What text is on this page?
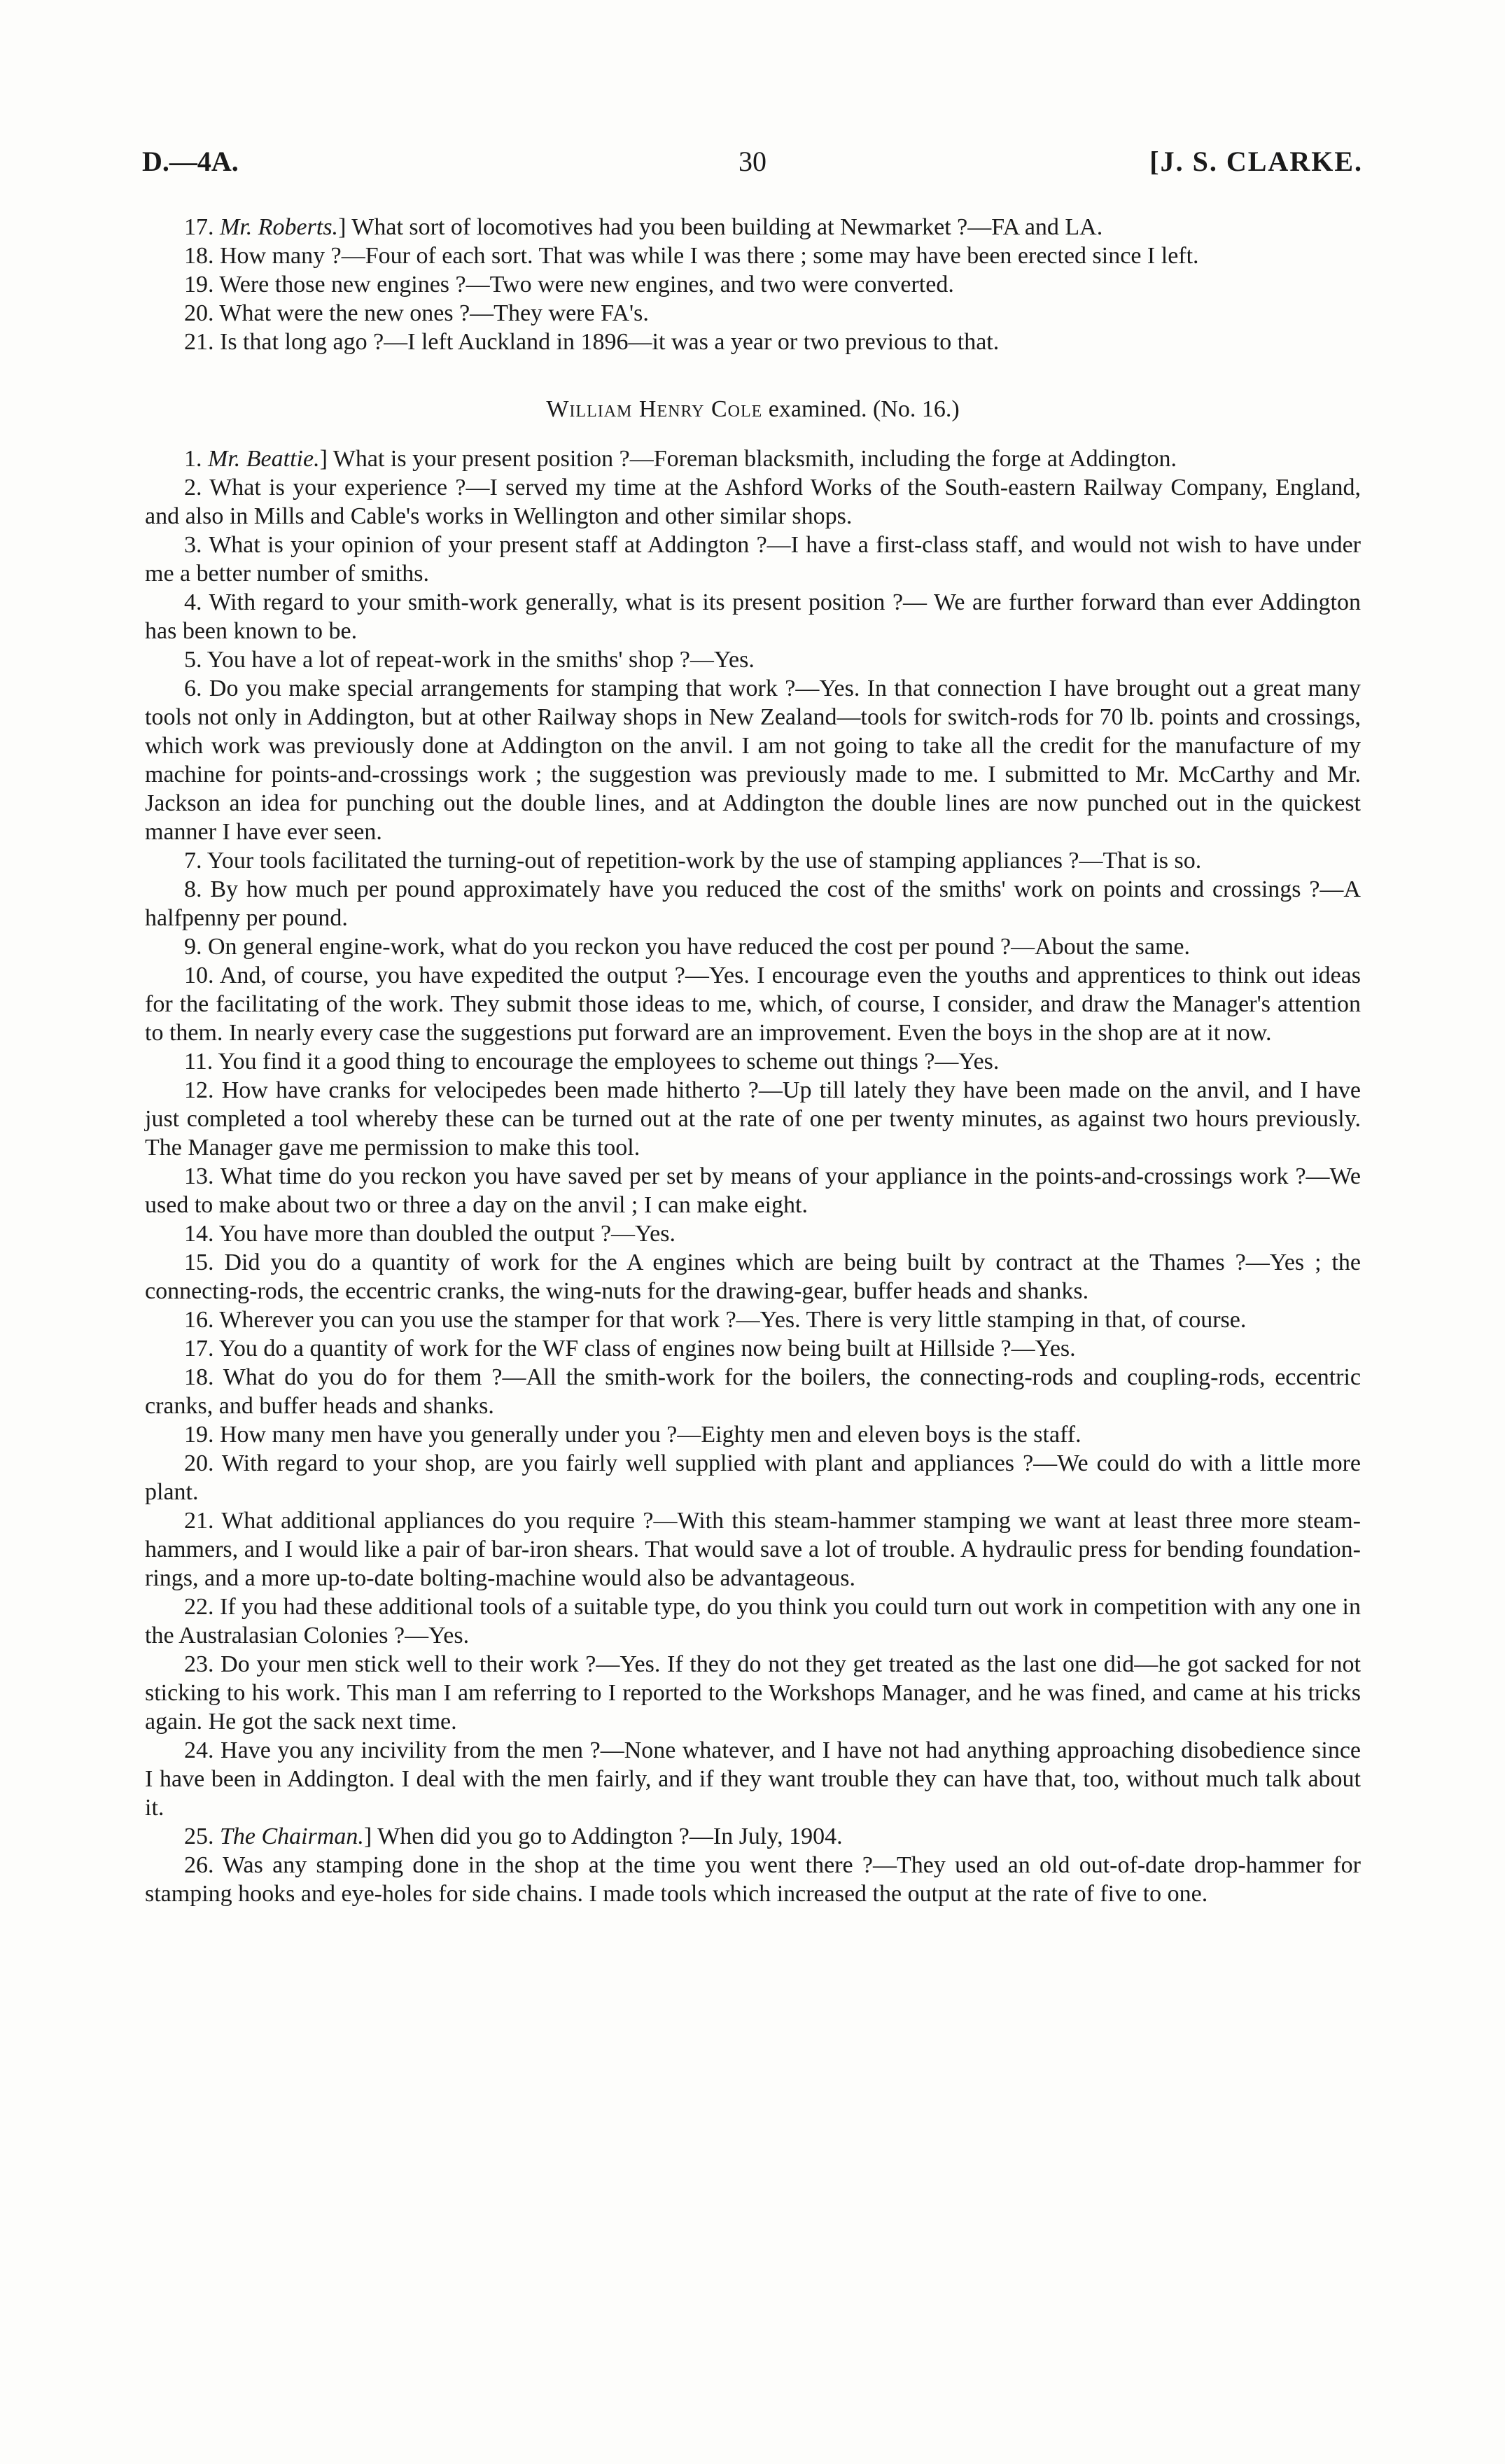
D.—4A.	30	[J. S. CLARKE.

17. Mr. Roberts.] What sort of locomotives had you been building at Newmarket ?—FA and LA.

18. How many ?—Four of each sort. That was while I was there ; some may have been erected since I left.

19. Were those new engines ?—Two were new engines, and two were converted.

20. What were the new ones ?—They were FA's.

21. Is that long ago ?—I left Auckland in 1896—it was a year or two previous to that.

William Henry Cole examined. (No. 16.)

1. Mr. Beattie.] What is your present position ?—Foreman blacksmith, including the forge at Addington.

2. What is your experience ?—I served my time at the Ashford Works of the South-eastern Railway Company, England, and also in Mills and Cable's works in Wellington and other similar shops.

3. What is your opinion of your present staff at Addington ?—I have a first-class staff, and would not wish to have under me a better number of smiths.

4. With regard to your smith-work generally, what is its present position ?— We are further forward than ever Addington has been known to be.

5. You have a lot of repeat-work in the smiths' shop ?—Yes.

6. Do you make special arrangements for stamping that work ?—Yes. In that connection I have brought out a great many tools not only in Addington, but at other Railway shops in New Zealand—tools for switch-rods for 70 lb. points and crossings, which work was previously done at Addington on the anvil. I am not going to take all the credit for the manufacture of my machine for points-and-crossings work ; the suggestion was previously made to me. I submitted to Mr. McCarthy and Mr. Jackson an idea for punching out the double lines, and at Addington the double lines are now punched out in the quickest manner I have ever seen.

7. Your tools facilitated the turning-out of repetition-work by the use of stamping appliances ?—That is so.

8. By how much per pound approximately have you reduced the cost of the smiths' work on points and crossings ?—A halfpenny per pound.

9. On general engine-work, what do you reckon you have reduced the cost per pound ?—About the same.

10. And, of course, you have expedited the output ?—Yes. I encourage even the youths and apprentices to think out ideas for the facilitating of the work. They submit those ideas to me, which, of course, I consider, and draw the Manager's attention to them. In nearly every case the suggestions put forward are an improvement. Even the boys in the shop are at it now.

11. You find it a good thing to encourage the employees to scheme out things ?—Yes.

12. How have cranks for velocipedes been made hitherto ?—Up till lately they have been made on the anvil, and I have just completed a tool whereby these can be turned out at the rate of one per twenty minutes, as against two hours previously. The Manager gave me permission to make this tool.

13. What time do you reckon you have saved per set by means of your appliance in the points-and-crossings work ?—We used to make about two or three a day on the anvil ; I can make eight.

14. You have more than doubled the output ?—Yes.

15. Did you do a quantity of work for the A engines which are being built by contract at the Thames ?—Yes ; the connecting-rods, the eccentric cranks, the wing-nuts for the drawing-gear, buffer heads and shanks.

16. Wherever you can you use the stamper for that work ?—Yes. There is very little stamping in that, of course.

17. You do a quantity of work for the WF class of engines now being built at Hillside ?—Yes.

18. What do you do for them ?—All the smith-work for the boilers, the connecting-rods and coupling-rods, eccentric cranks, and buffer heads and shanks.

19. How many men have you generally under you ?—Eighty men and eleven boys is the staff.

20. With regard to your shop, are you fairly well supplied with plant and appliances ?—We could do with a little more plant.

21. What additional appliances do you require ?—With this steam-hammer stamping we want at least three more steam-hammers, and I would like a pair of bar-iron shears. That would save a lot of trouble. A hydraulic press for bending foundation-rings, and a more up-to-date bolting-machine would also be advantageous.

22. If you had these additional tools of a suitable type, do you think you could turn out work in competition with any one in the Australasian Colonies ?—Yes.

23. Do your men stick well to their work ?—Yes. If they do not they get treated as the last one did—he got sacked for not sticking to his work. This man I am referring to I reported to the Workshops Manager, and he was fined, and came at his tricks again. He got the sack next time.

24. Have you any incivility from the men ?—None whatever, and I have not had anything approaching disobedience since I have been in Addington. I deal with the men fairly, and if they want trouble they can have that, too, without much talk about it.

25. The Chairman.] When did you go to Addington ?—In July, 1904.

26. Was any stamping done in the shop at the time you went there ?—They used an old out-of-date drop-hammer for stamping hooks and eye-holes for side chains. I made tools which increased the output at the rate of five to one.
